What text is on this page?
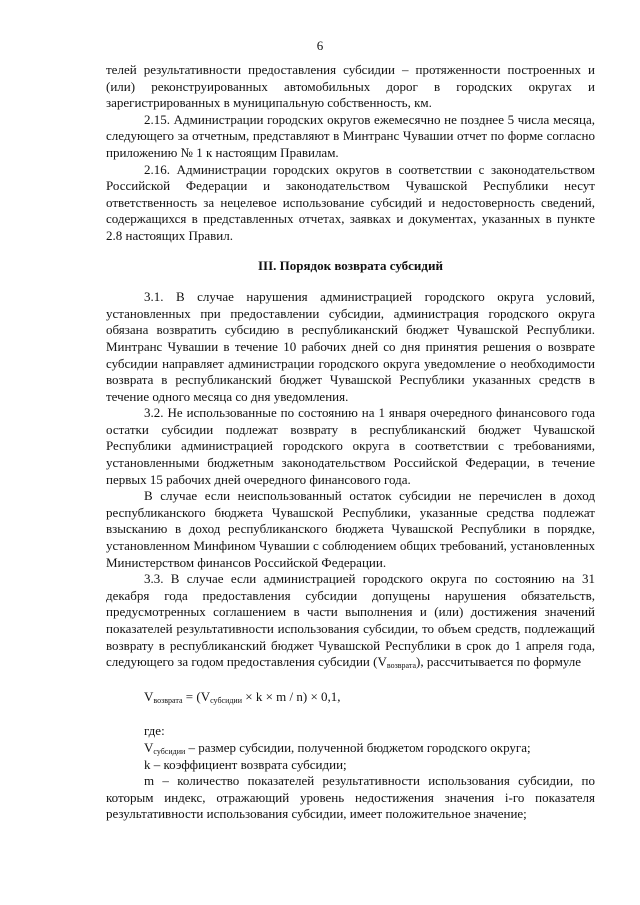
6

телей результативности предоставления субсидии – протяженности построенных и (или) реконструированных автомобильных дорог в городских округах и зарегистрированных в муниципальную собственность, км.

2.15. Администрации городских округов ежемесячно не позднее 5 числа месяца, следующего за отчетным, представляют в Минтранс Чувашии отчет по форме согласно приложению № 1 к настоящим Правилам.

2.16. Администрации городских округов в соответствии с законодательством Российской Федерации и законодательством Чувашской Республики несут ответственность за нецелевое использование субсидий и недостоверность сведений, содержащихся в представленных отчетах, заявках и документах, указанных в пункте 2.8 настоящих Правил.

III. Порядок возврата субсидий

3.1. В случае нарушения администрацией городского округа условий, установленных при предоставлении субсидии, администрация городского округа обязана возвратить субсидию в республиканский бюджет Чувашской Республики. Минтранс Чувашии в течение 10 рабочих дней со дня принятия решения о возврате субсидии направляет администрации городского округа уведомление о необходимости возврата в республиканский бюджет Чувашской Республики указанных средств в течение одного месяца со дня уведомления.

3.2. Не использованные по состоянию на 1 января очередного финансового года остатки субсидии подлежат возврату в республиканский бюджет Чувашской Республики администрацией городского округа в соответствии с требованиями, установленными бюджетным законодательством Российской Федерации, в течение первых 15 рабочих дней очередного финансового года.

В случае если неиспользованный остаток субсидии не перечислен в доход республиканского бюджета Чувашской Республики, указанные средства подлежат взысканию в доход республиканского бюджета Чувашской Республики в порядке, установленном Минфином Чувашии с соблюдением общих требований, установленных Министерством финансов Российской Федерации.

3.3. В случае если администрацией городского округа по состоянию на 31 декабря года предоставления субсидии допущены нарушения обязательств, предусмотренных соглашением в части выполнения и (или) достижения значений показателей результативности использования субсидии, то объем средств, подлежащий возврату в республиканский бюджет Чувашской Республики в срок до 1 апреля года, следующего за годом предоставления субсидии $(V_{возврата})$, рассчитывается по формуле

$V_{возврата} = (V_{субсидии} \times k \times m / n) \times 0,1$,

где:

$V_{субсидии}$ – размер субсидии, полученной бюджетом городского округа;

k – коэффициент возврата субсидии;

m – количество показателей результативности использования субсидии, по которым индекс, отражающий уровень недостижения значения i-го показателя результативности использования субсидии, имеет положительное значение;
